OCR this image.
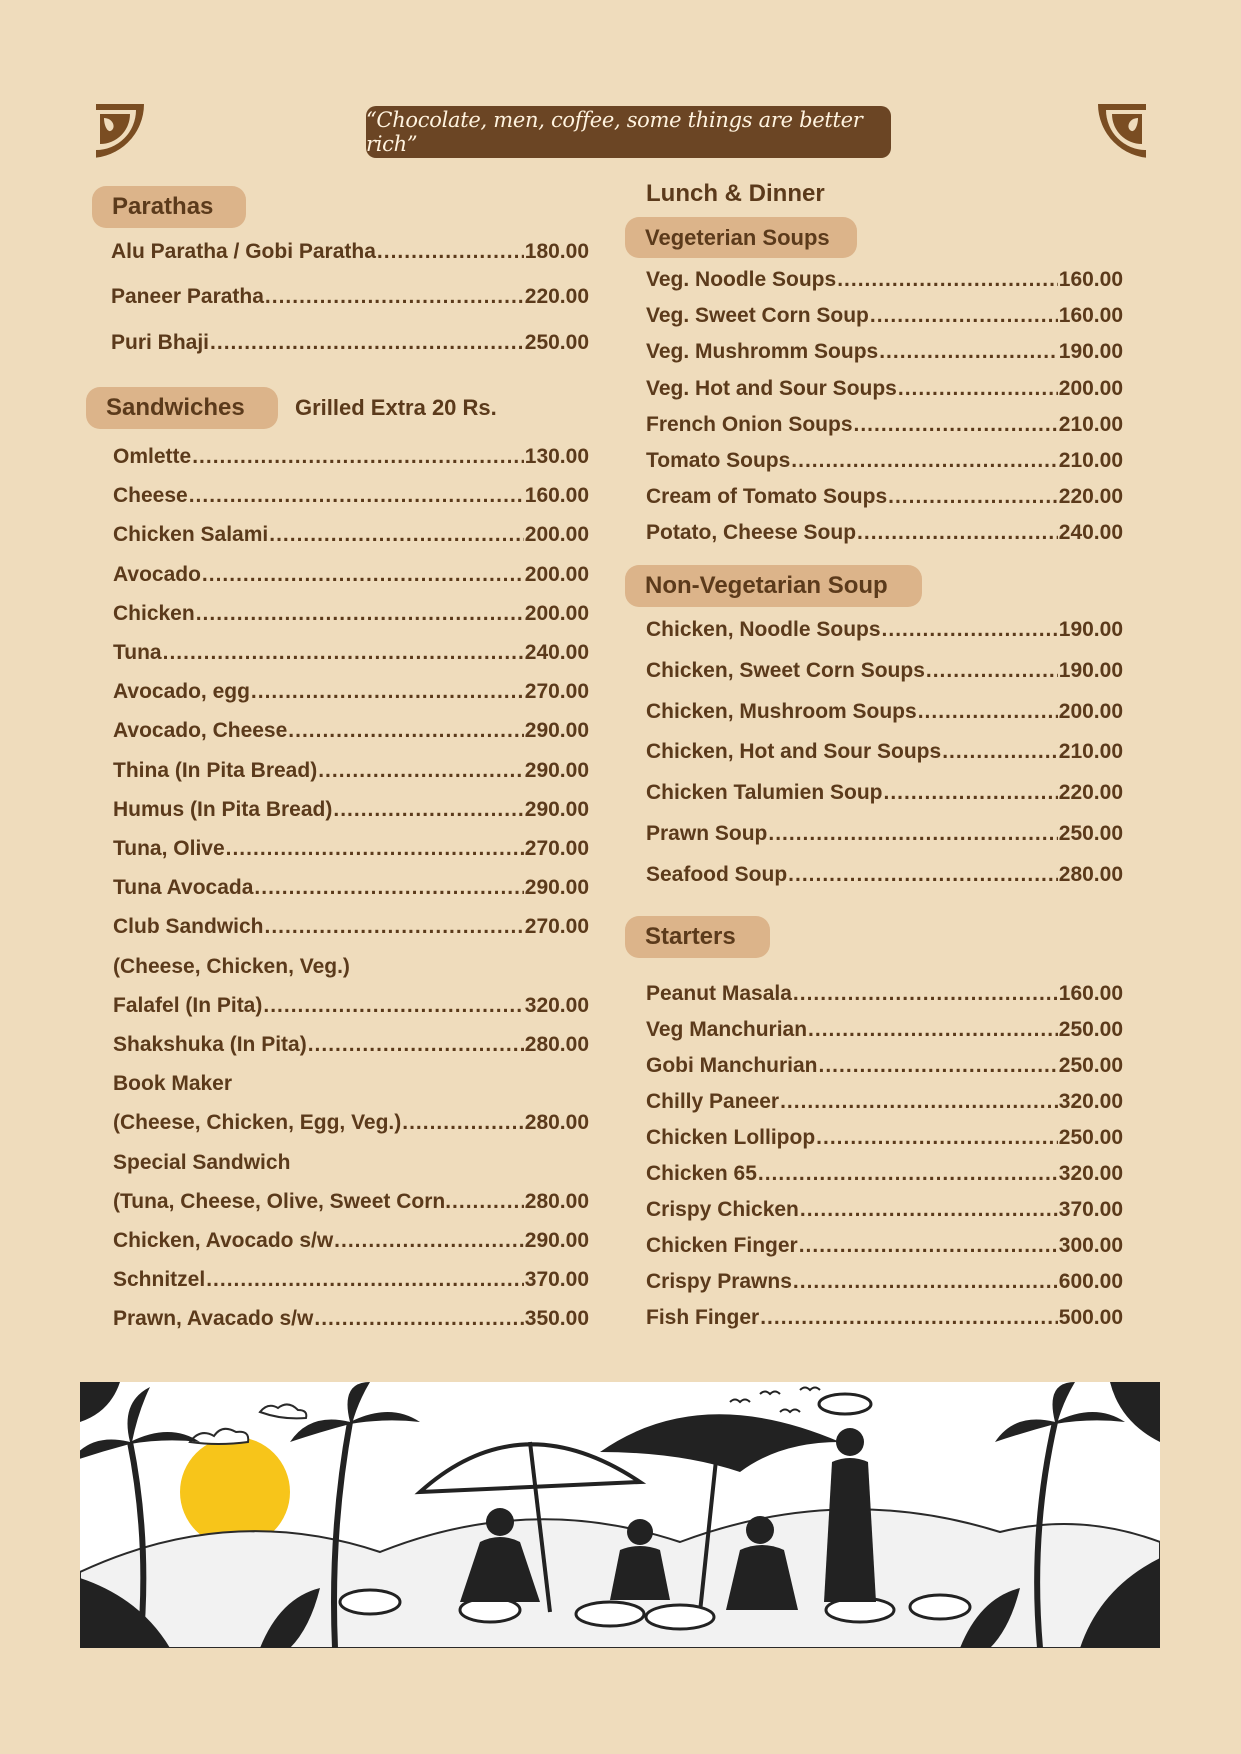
“Chocolate, men, coffee, some things are better rich”
Parathas
Alu Paratha / Gobi Paratha .....	180.00
Paneer Paratha .....	220.00
Puri Bhaji .....	250.00
Sandwiches	Grilled Extra 20 Rs.
Omlette .....	130.00
Cheese .....	160.00
Chicken Salami .....	200.00
Avocado .....	200.00
Chicken .....	200.00
Tuna .....	240.00
Avocado, egg .....	270.00
Avocado, Cheese .....	290.00
Thina (In Pita Bread) .....	290.00
Humus (In Pita Bread) .....	290.00
Tuna, Olive .....	270.00
Tuna Avocada .....	290.00
Club Sandwich .....	270.00
(Cheese, Chicken, Veg.)
Falafel (In Pita) .....	320.00
Shakshuka (In Pita) .....	280.00
Book Maker
(Cheese, Chicken, Egg, Veg.) .....	280.00
Special Sandwich
(Tuna, Cheese, Olive, Sweet Corn. .....	280.00
Chicken, Avocado s/w .....	290.00
Schnitzel .....	370.00
Prawn, Avacado s/w .....	350.00
Lunch & Dinner
Vegeterian Soups
Veg. Noodle Soups .....	160.00
Veg. Sweet Corn Soup .....	160.00
Veg. Mushromm Soups .....	190.00
Veg. Hot and Sour Soups .....	200.00
French Onion Soups .....	210.00
Tomato Soups .....	210.00
Cream of Tomato Soups .....	220.00
Potato, Cheese Soup .....	240.00
Non-Vegetarian Soup
Chicken, Noodle Soups .....	190.00
Chicken, Sweet Corn Soups .....	190.00
Chicken, Mushroom Soups .....	200.00
Chicken, Hot and Sour Soups .....	210.00
Chicken Talumien Soup .....	220.00
Prawn Soup .....	250.00
Seafood Soup .....	280.00
Starters
Peanut Masala .....	160.00
Veg Manchurian .....	250.00
Gobi Manchurian .....	250.00
Chilly Paneer .....	320.00
Chicken Lollipop .....	250.00
Chicken 65 .....	320.00
Crispy Chicken .....	370.00
Chicken Finger .....	300.00
Crispy Prawns .....	600.00
Fish Finger .....	500.00
